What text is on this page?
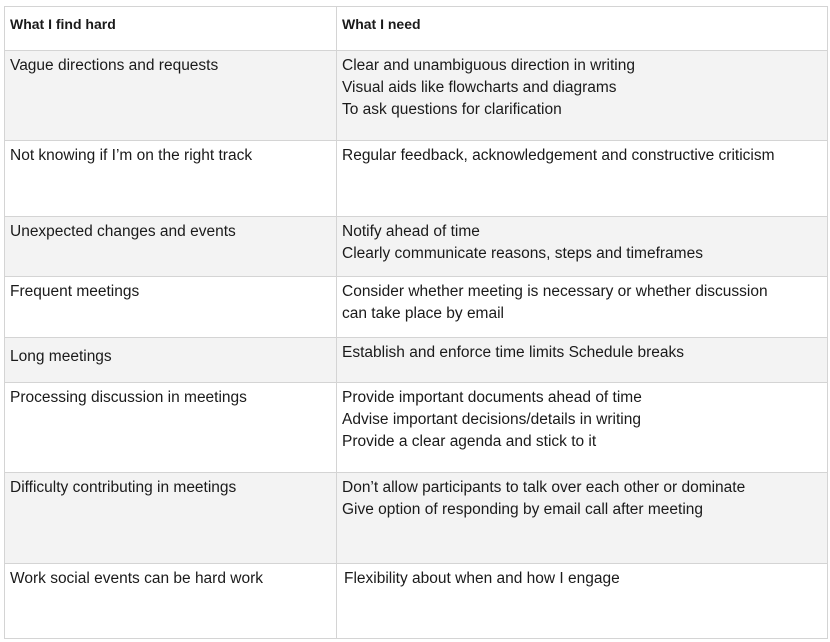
What I find hard	What I need
Vague directions and requests	Clear and unambiguous direction in writing
Visual aids like flowcharts and diagrams
To ask questions for clarification

Not knowing if I’m on the right track	Regular feedback, acknowledgement and constructive criticism

Unexpected changes and events	Notify ahead of time
Clearly communicate reasons, steps and timeframes

Frequent meetings	Consider whether meeting is necessary or whether discussion
can take place by email

Long meetings	Establish and enforce time limits Schedule breaks

Processing discussion in meetings	Provide important documents ahead of time
Advise important decisions/details in writing
Provide a clear agenda and stick to it

Difficulty contributing in meetings	Don’t allow participants to talk over each other or dominate
Give option of responding by email call after meeting

Work social events can be hard work	Flexibility about when and how I engage
